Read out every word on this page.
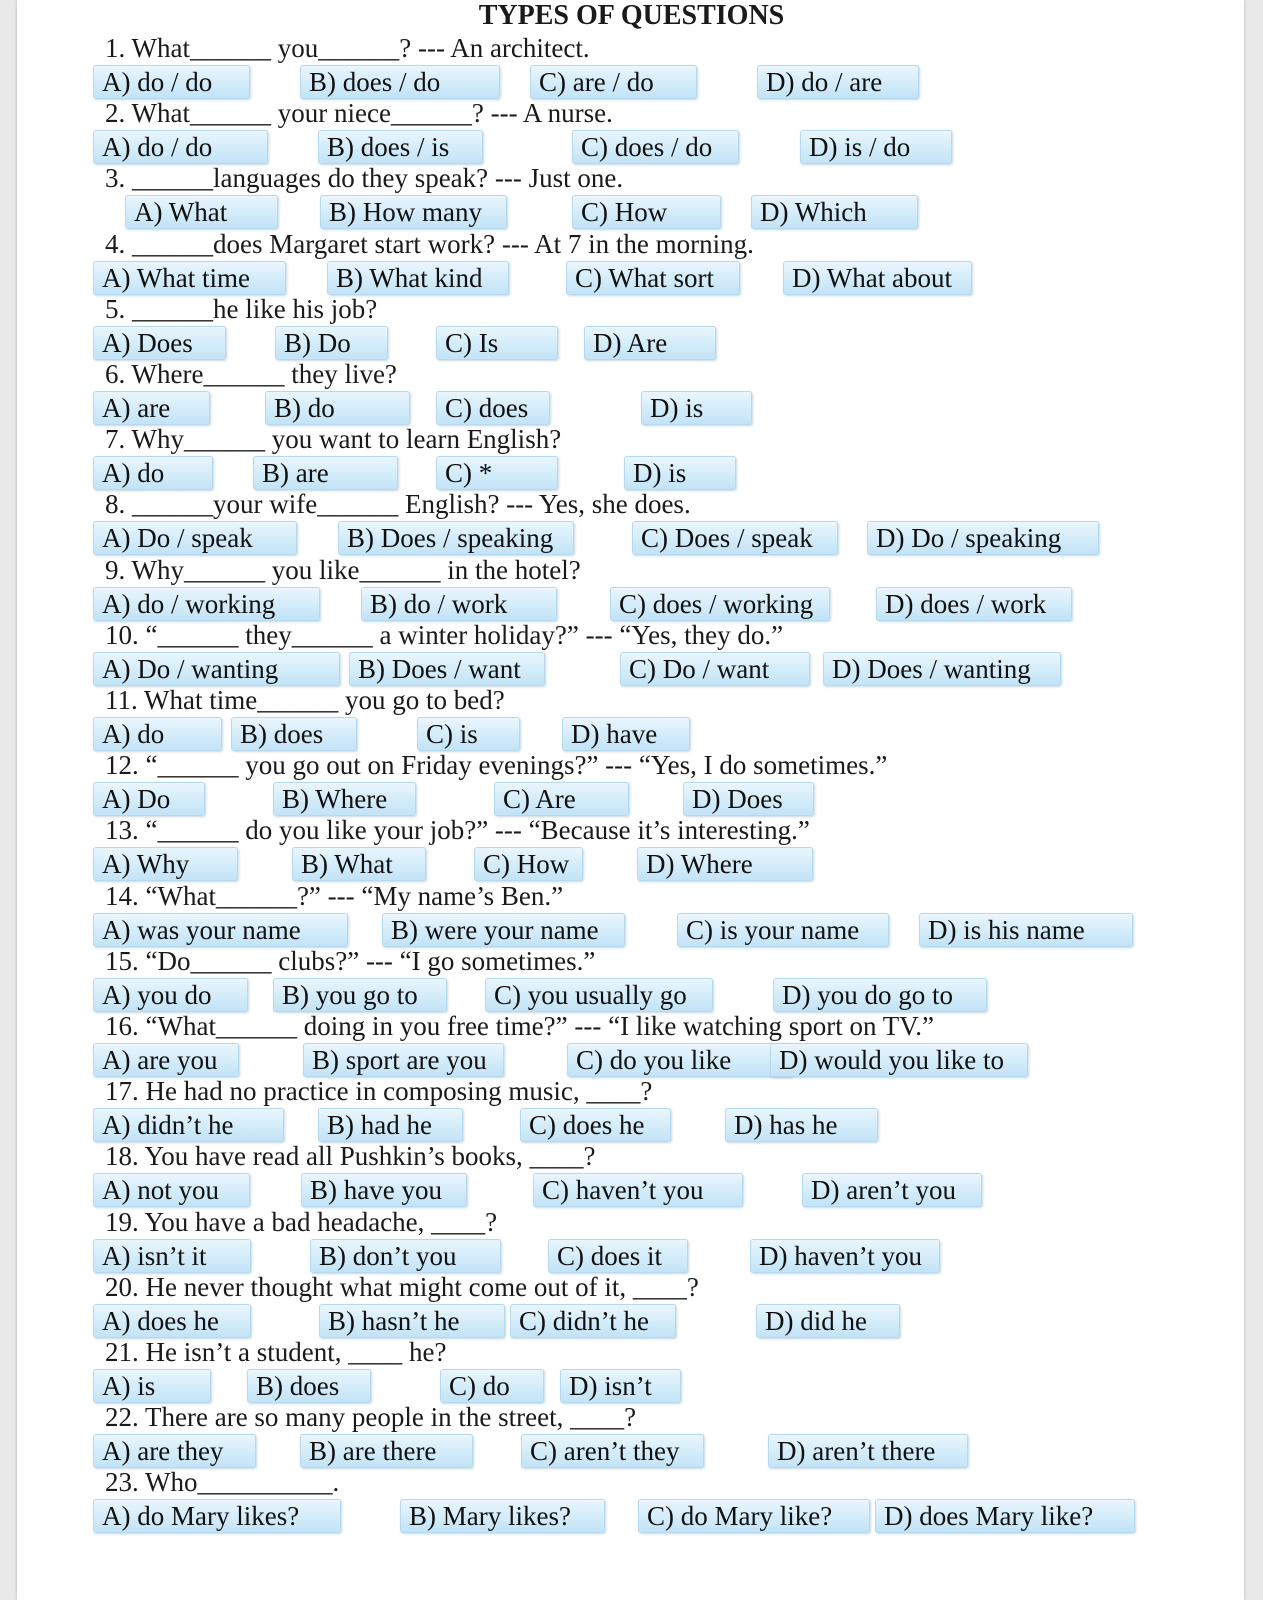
TYPES OF QUESTIONS
1. What______ you______? --- An architect.
A) do / do	B) does / do	C) are / do	D) do / are
2. What______ your niece______? --- A nurse.
A) do / do	B) does / is	C) does / do	D) is / do
3. ______languages do they speak? --- Just one.
A) What	B) How many	C) How	D) Which
4. ______does Margaret start work? --- At 7 in the morning.
A) What time	B) What kind	C) What sort	D) What about
5. ______he like his job?
A) Does	B) Do	C) Is	D) Are
6. Where______ they live?
A) are	B) do	C) does	D) is
7. Why______ you want to learn English?
A) do	B) are	C) *	D) is
8. ______your wife______ English? --- Yes, she does.
A) Do / speak	B) Does / speaking	C) Does / speak	D) Do / speaking
9. Why______ you like______ in the hotel?
A) do / working	B) do / work	C) does / working	D) does / work
10. “______ they______ a winter holiday?” --- “Yes, they do.”
A) Do / wanting	B) Does / want	C) Do / want	D) Does / wanting
11. What time______ you go to bed?
A) do	B) does	C) is	D) have
12. “______ you go out on Friday evenings?” --- “Yes, I do sometimes.”
A) Do	B) Where	C) Are	D) Does
13. “______ do you like your job?” --- “Because it’s interesting.”
A) Why	B) What	C) How	D) Where
14. “What______?” --- “My name’s Ben.”
A) was your name	B) were your name	C) is your name	D) is his name
15. “Do______ clubs?” --- “I go sometimes.”
A) you do	B) you go to	C) you usually go	D) you do go to
16. “What______ doing in you free time?” --- “I like watching sport on TV.”
A) are you	B) sport are you	C) do you like	D) would you like to
17. He had no practice in composing music, ____?
A) didn’t he	B) had he	C) does he	D) has he
18. You have read all Pushkin’s books, ____?
A) not you	B) have you	C) haven’t you	D) aren’t you
19. You have a bad headache, ____?
A) isn’t it	B) don’t you	C) does it	D) haven’t you
20. He never thought what might come out of it, ____?
A) does he	B) hasn’t he	C) didn’t he	D) did he
21. He isn’t a student, ____ he?
A) is	B) does	C) do	D) isn’t
22. There are so many people in the street, ____?
A) are they	B) are there	C) aren’t they	D) aren’t there
23. Who__________.
A) do Mary likes?	B) Mary likes?	C) do Mary like?	D) does Mary like?
